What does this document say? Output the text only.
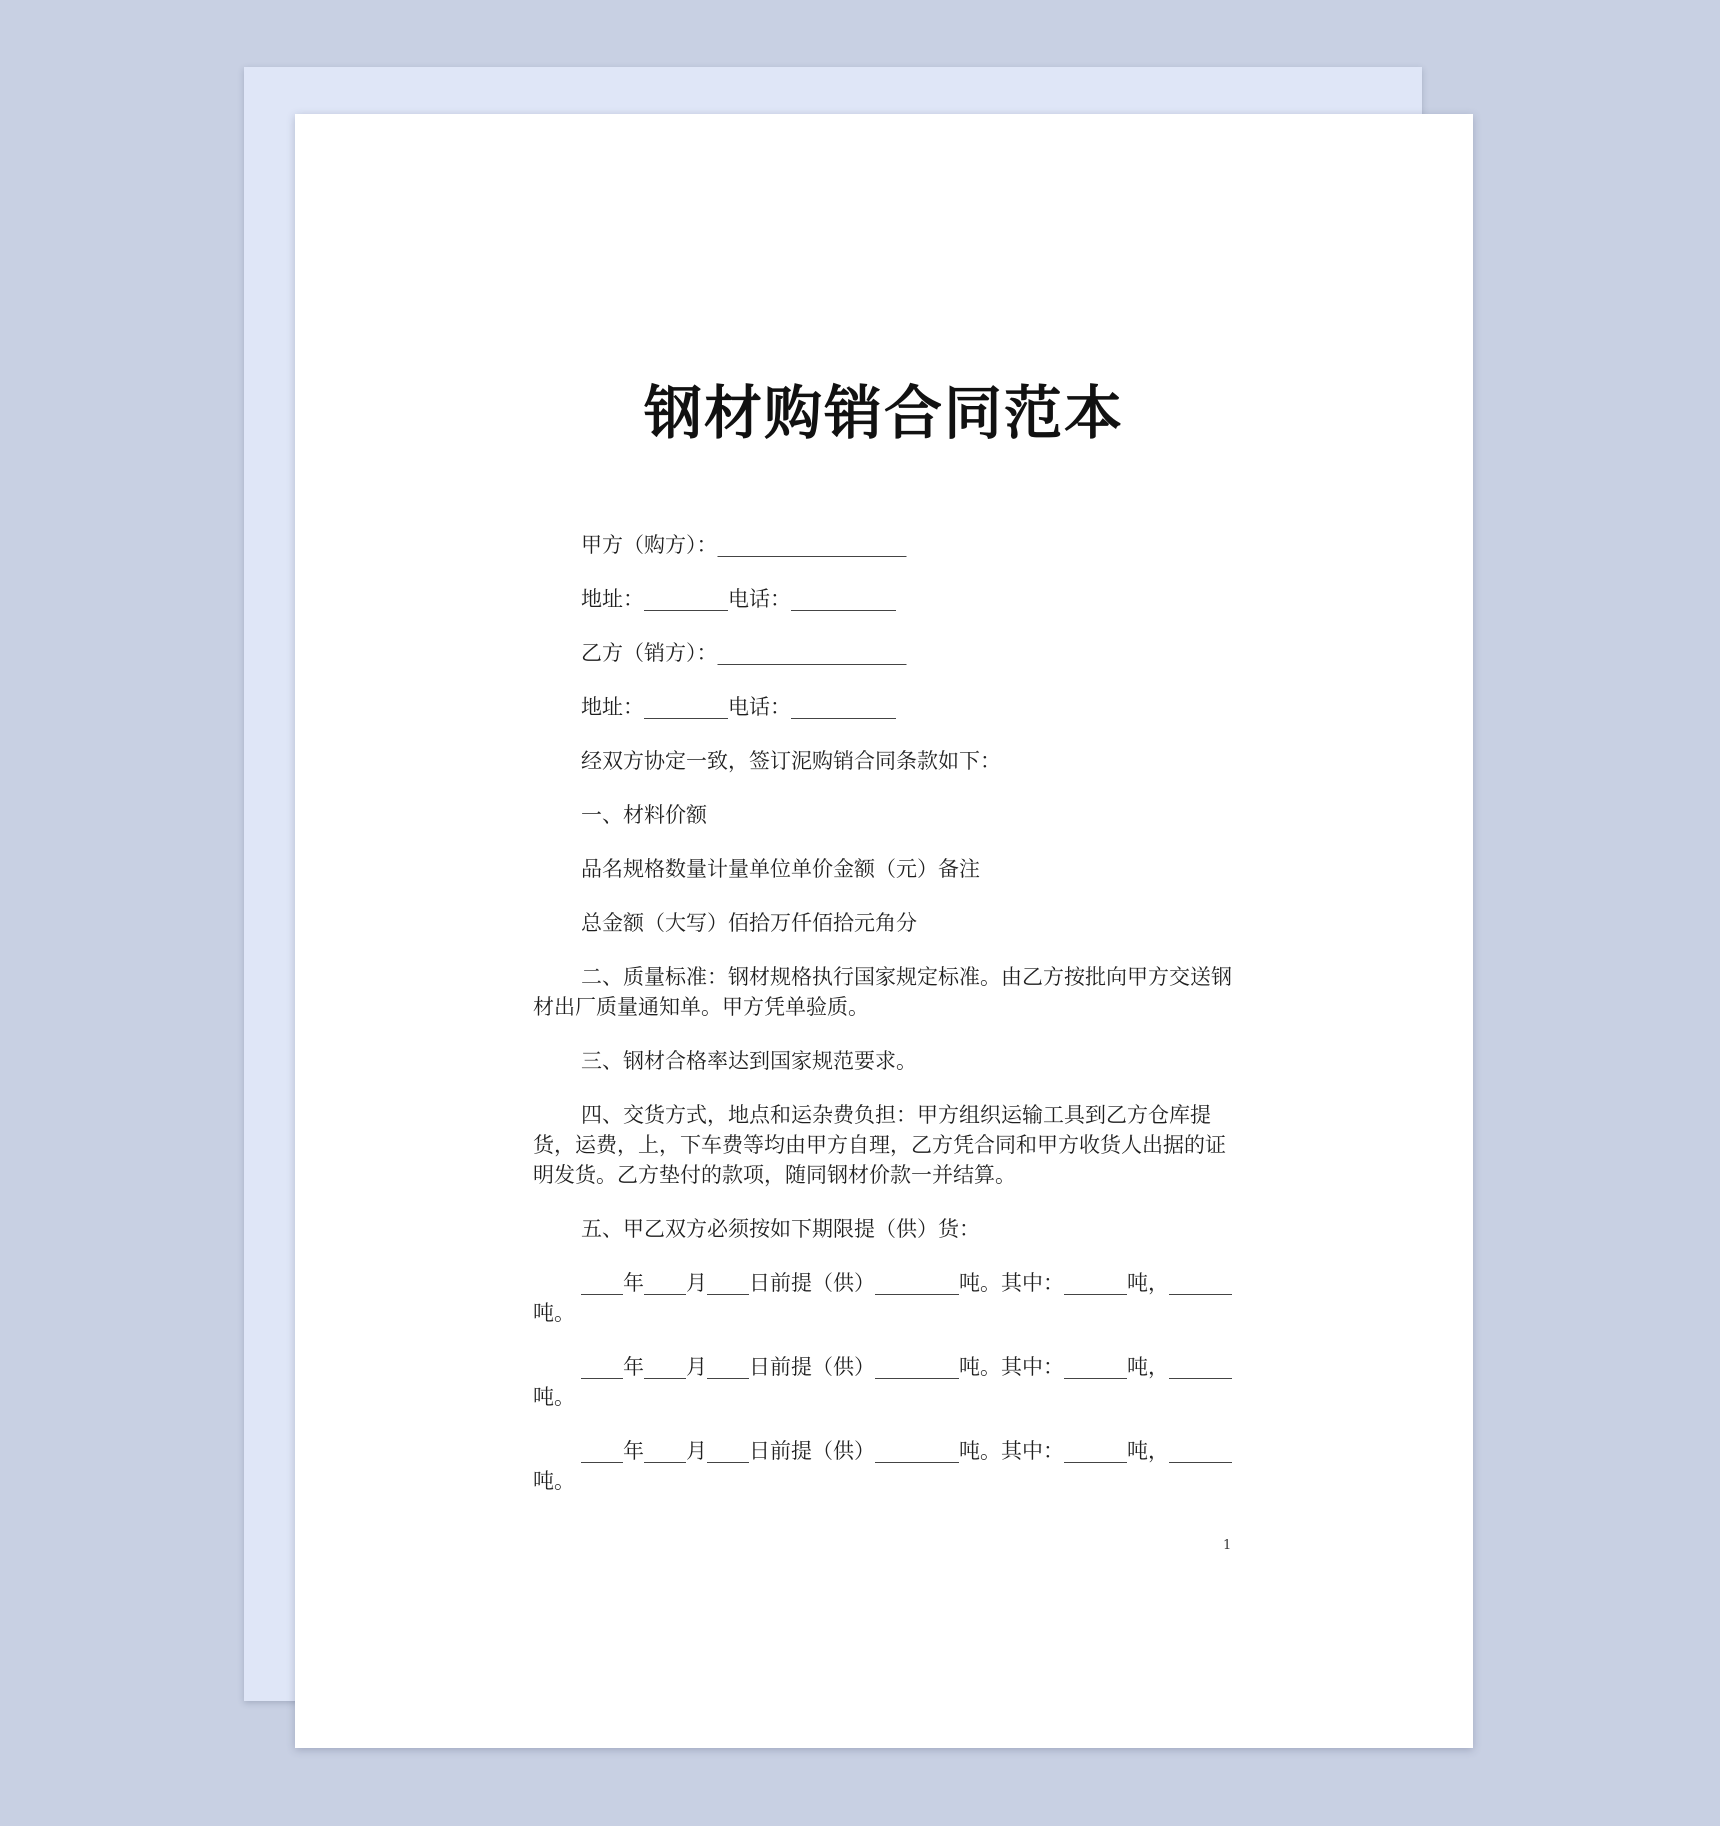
钢材购销合同范本

甲方（购方）：__________________

地址：________电话：__________

乙方（销方）：__________________

地址：________电话：__________

经双方协定一致，签订泥购销合同条款如下：

一、材料价额

品名规格数量计量单位单价金额（元）备注

总金额（大写）佰拾万仟佰拾元角分

二、质量标准：钢材规格执行国家规定标准。由乙方按批向甲方交送钢材出厂质量通知单。甲方凭单验质。

三、钢材合格率达到国家规范要求。

四、交货方式，地点和运杂费负担：甲方组织运输工具到乙方仓库提货，运费，上，下车费等均由甲方自理，乙方凭合同和甲方收货人出据的证明发货。乙方垫付的款项，随同钢材价款一并结算。

五、甲乙双方必须按如下期限提（供）货：

____年____月____日前提（供）________吨。其中：______吨，______吨。

____年____月____日前提（供）________吨。其中：______吨，______吨。

____年____月____日前提（供）________吨。其中：______吨，______吨。

1
